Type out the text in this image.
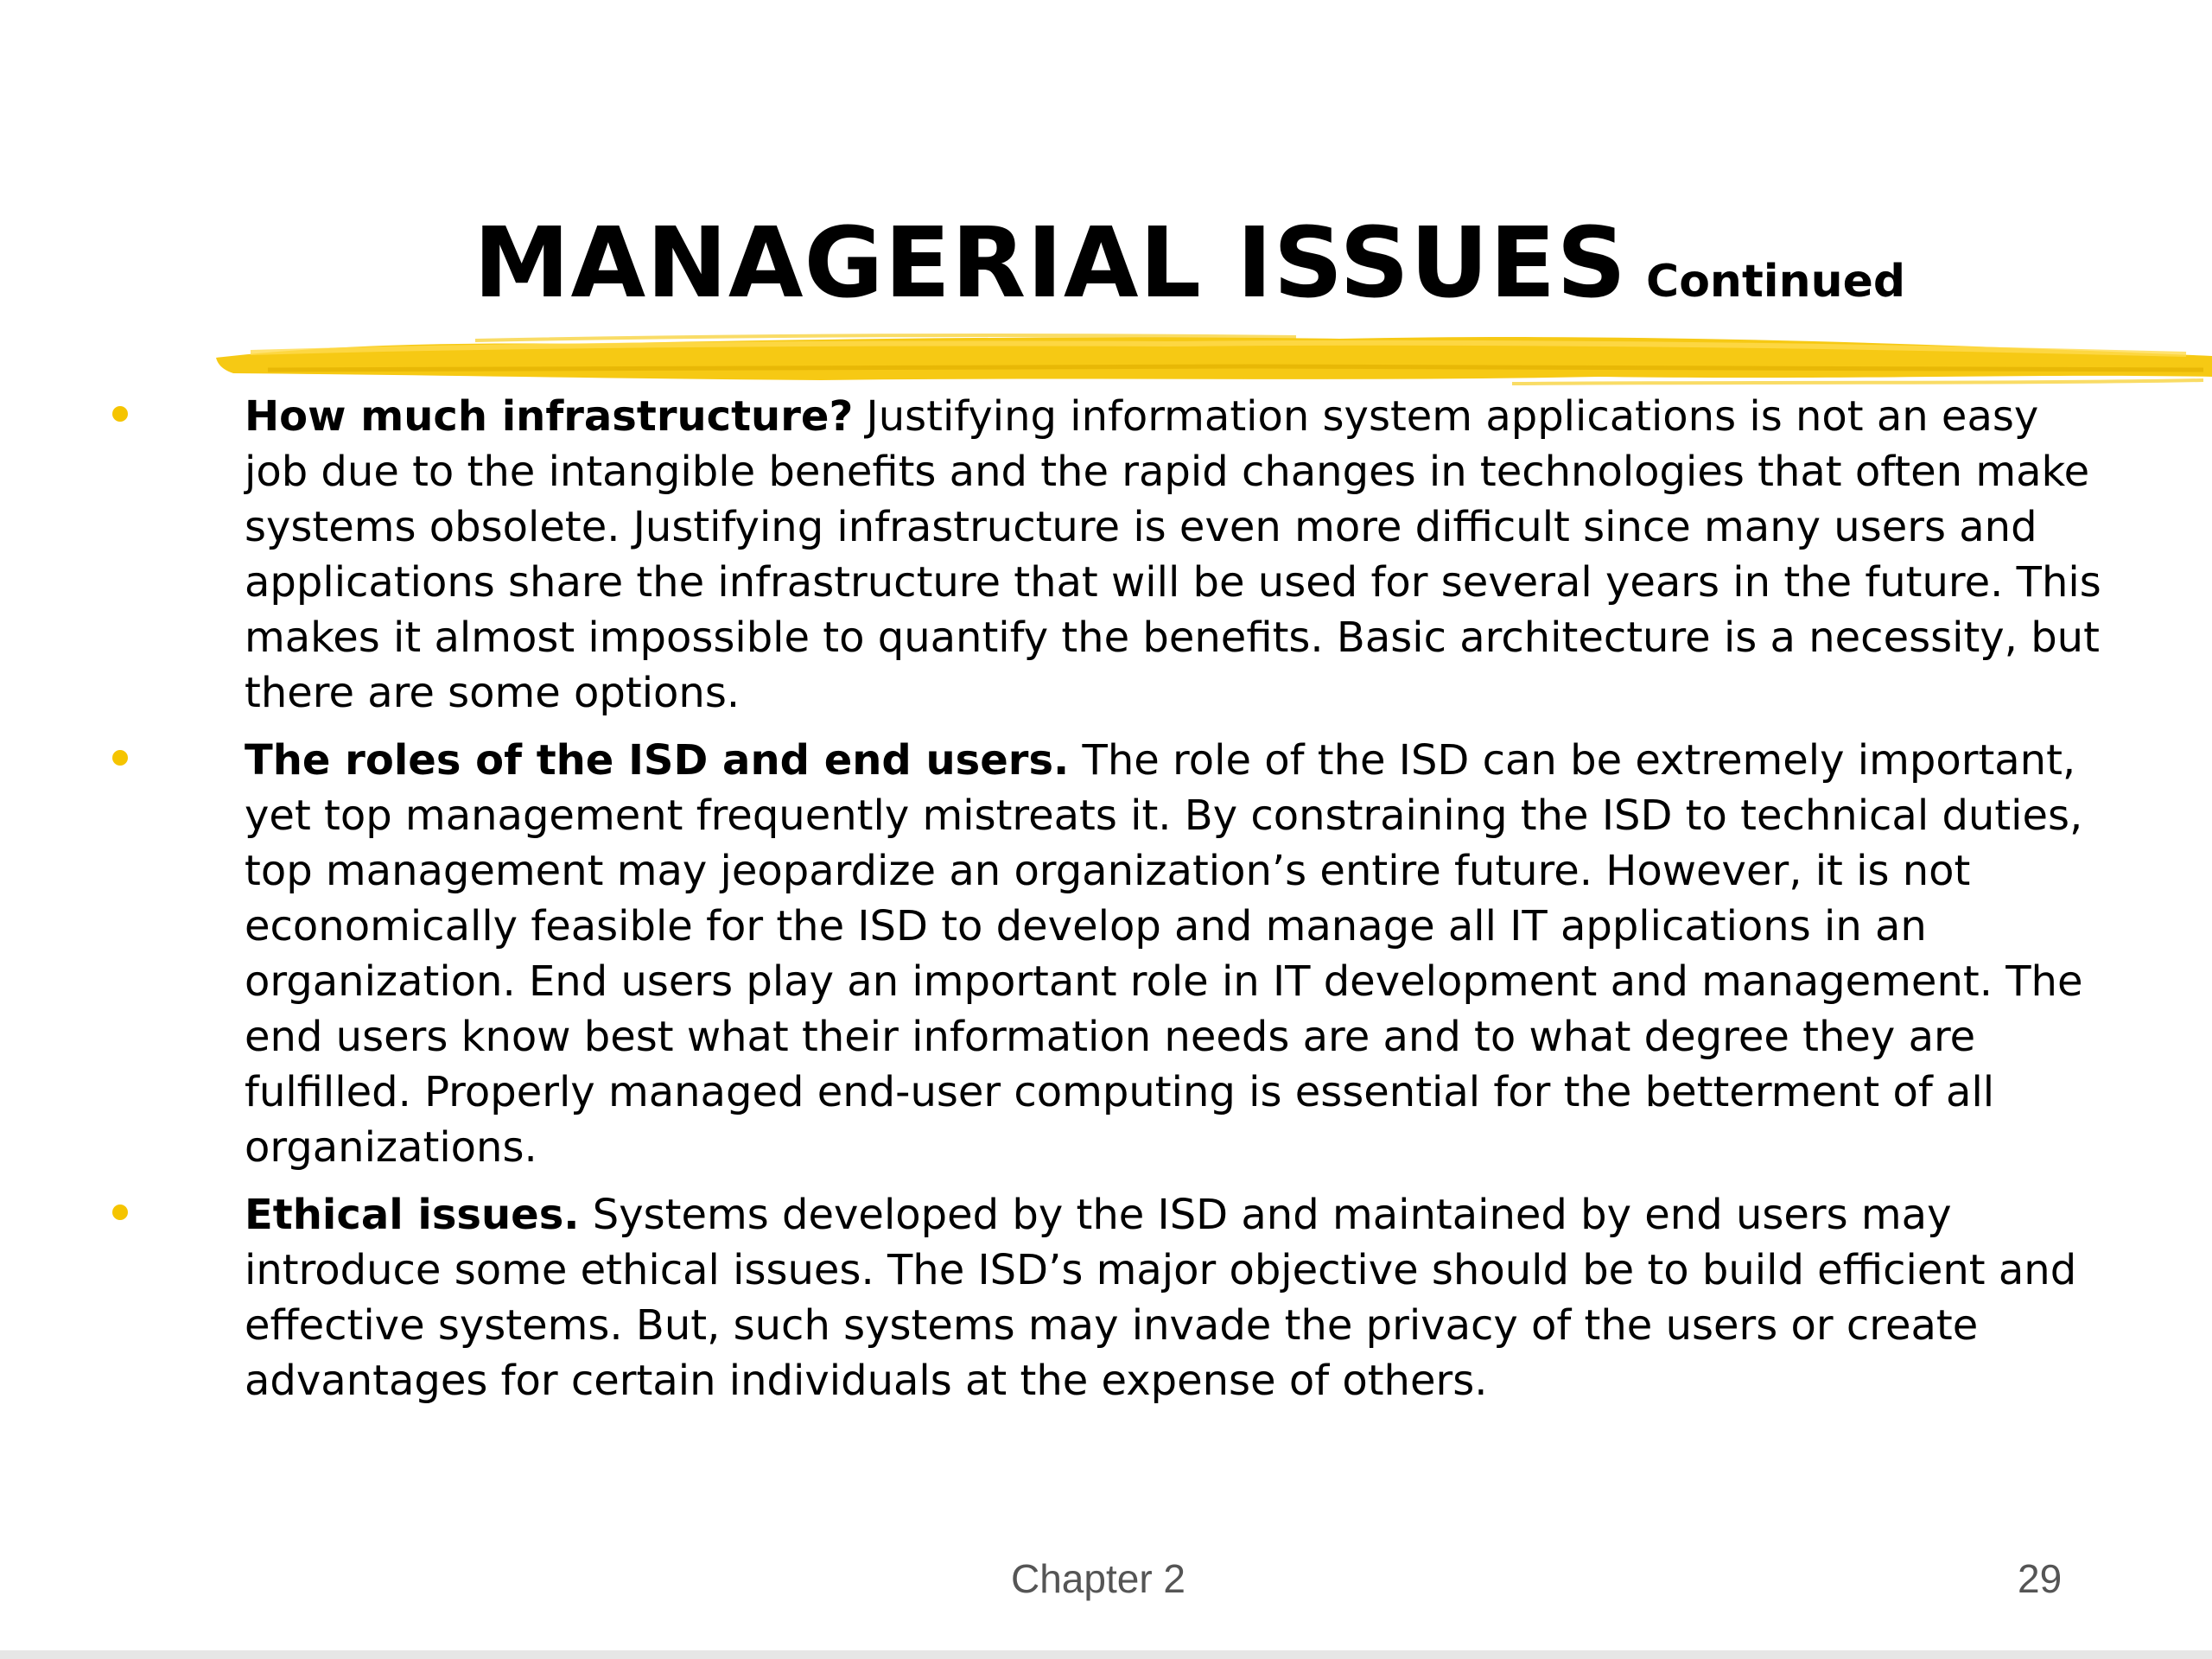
MANAGERIAL ISSUES Continued
How much infrastructure? Justifying information system applications is not an easy job due to the intangible benefits and the rapid changes in technologies that often make systems obsolete. Justifying infrastructure is even more difficult since many users and applications share the infrastructure that will be used for several years in the future. This makes it almost impossible to quantify the benefits. Basic architecture is a necessity, but there are some options.
The roles of the ISD and end users. The role of the ISD can be extremely important, yet top management frequently mistreats it. By constraining the ISD to technical duties, top management may jeopardize an organization’s entire future. However, it is not economically feasible for the ISD to develop and manage all IT applications in an organization. End users play an important role in IT development and management. The end users know best what their information needs are and to what degree they are fulfilled. Properly managed end-user computing is essential for the betterment of all organizations.
Ethical issues. Systems developed by the ISD and maintained by end users may introduce some ethical issues. The ISD’s major objective should be to build efficient and effective systems. But, such systems may invade the privacy of the users or create advantages for certain individuals at the expense of others.
Chapter 2	29
